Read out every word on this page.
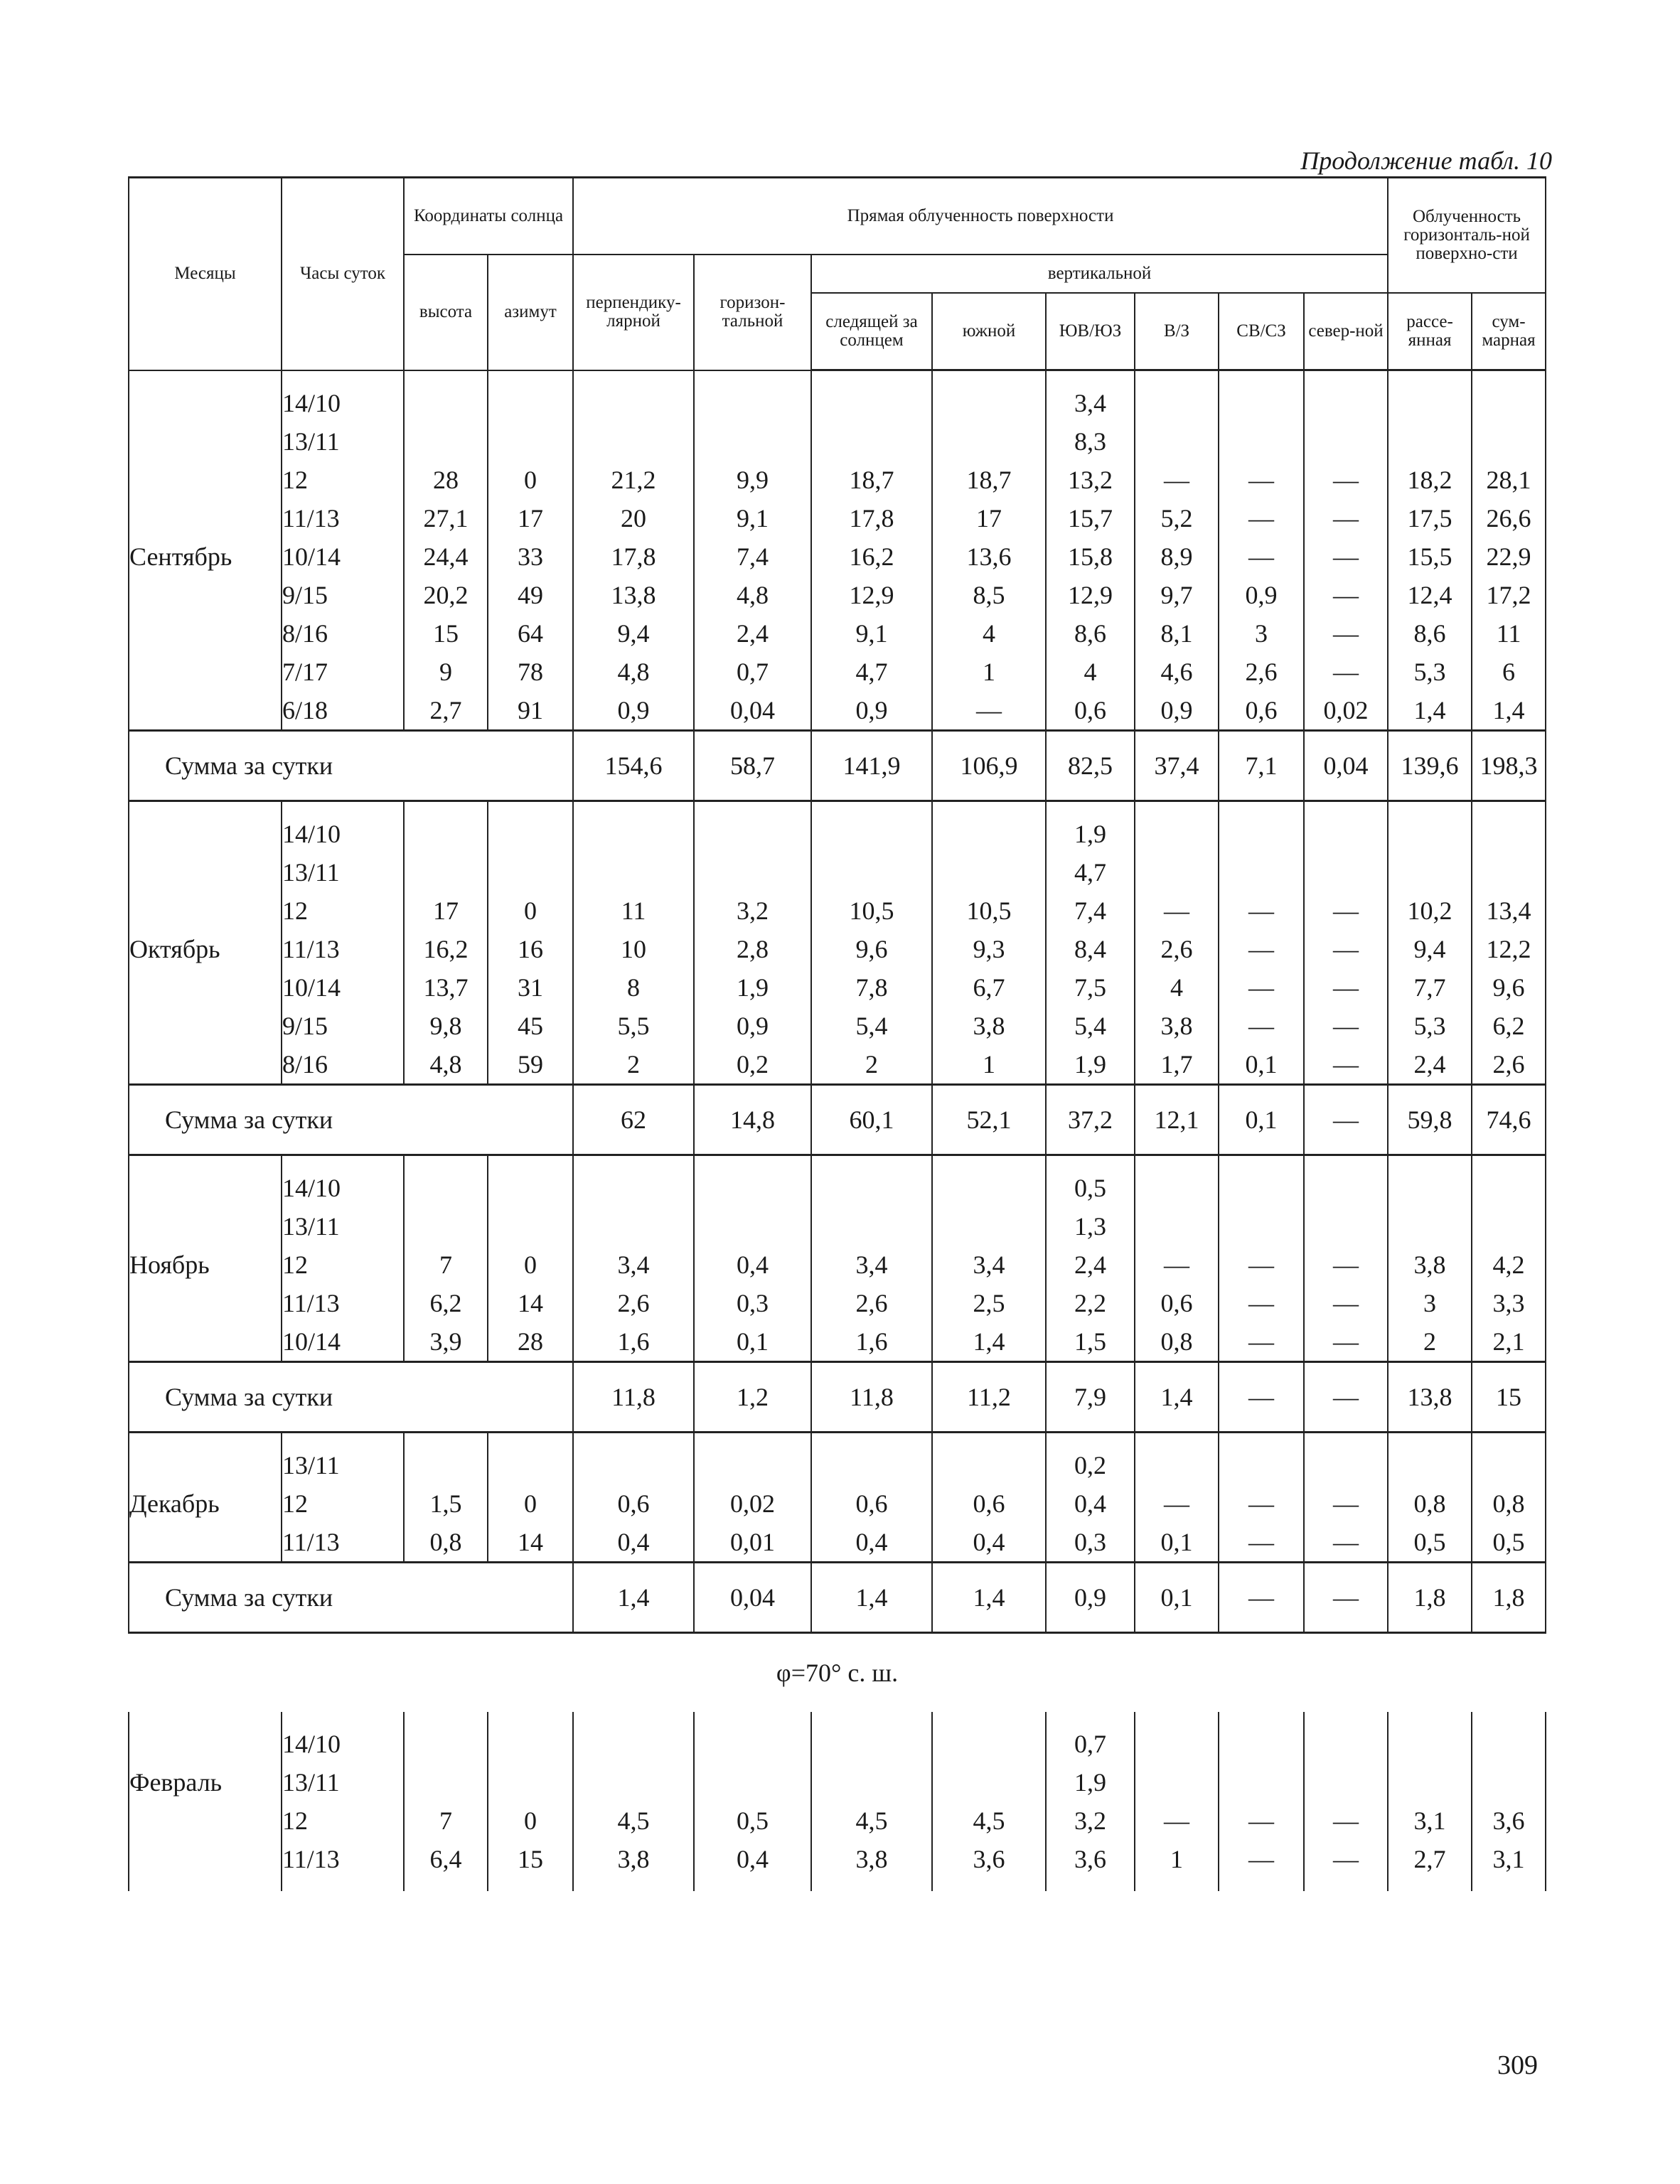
Продолжение табл. 10
Месяцы	Часы суток	Координаты солнца		Прямая облученность поверхности								Облученность горизонталь-ной поверхно-сти	
		высота	азимут	перпендику-лярной	горизон-тальной	вертикальной							
						следящей за солнцем	южной	ЮВ/ЮЗ	В/З	СВ/СЗ	север-ной	рассе-янная	сум-марная

	14/10							3,4					
	13/11							8,3					
	12	28	0	21,2	9,9	18,7	18,7	13,2	—	—	—	18,2	28,1
	11/13	27,1	17	20	9,1	17,8	17	15,7	5,2	—	—	17,5	26,6
Сентябрь	10/14	24,4	33	17,8	7,4	16,2	13,6	15,8	8,9	—	—	15,5	22,9
	9/15	20,2	49	13,8	4,8	12,9	8,5	12,9	9,7	0,9	—	12,4	17,2
	8/16	15	64	9,4	2,4	9,1	4	8,6	8,1	3	—	8,6	11
	7/17	9	78	4,8	0,7	4,7	1	4	4,6	2,6	—	5,3	6
	6/18	2,7	91	0,9	0,04	0,9	—	0,6	0,9	0,6	0,02	1,4	1,4
Сумма за сутки				154,6	58,7	141,9	106,9	82,5	37,4	7,1	0,04	139,6	198,3

	14/10							1,9					
	13/11							4,7					
	12	17	0	11	3,2	10,5	10,5	7,4	—	—	—	10,2	13,4
Октябрь	11/13	16,2	16	10	2,8	9,6	9,3	8,4	2,6	—	—	9,4	12,2
	10/14	13,7	31	8	1,9	7,8	6,7	7,5	4	—	—	7,7	9,6
	9/15	9,8	45	5,5	0,9	5,4	3,8	5,4	3,8	—	—	5,3	6,2
	8/16	4,8	59	2	0,2	2	1	1,9	1,7	0,1	—	2,4	2,6
Сумма за сутки				62	14,8	60,1	52,1	37,2	12,1	0,1	—	59,8	74,6

	14/10							0,5					
	13/11							1,3					
Ноябрь	12	7	0	3,4	0,4	3,4	3,4	2,4	—	—	—	3,8	4,2
	11/13	6,2	14	2,6	0,3	2,6	2,5	2,2	0,6	—	—	3	3,3
	10/14	3,9	28	1,6	0,1	1,6	1,4	1,5	0,8	—	—	2	2,1
Сумма за сутки				11,8	1,2	11,8	11,2	7,9	1,4	—	—	13,8	15

	13/11							0,2					
Декабрь	12	1,5	0	0,6	0,02	0,6	0,6	0,4	—	—	—	0,8	0,8
	11/13	0,8	14	0,4	0,01	0,4	0,4	0,3	0,1	—	—	0,5	0,5
Сумма за сутки				1,4	0,04	1,4	1,4	0,9	0,1	—	—	1,8	1,8
φ=70° с. ш.													

	14/10							0,7					
Февраль	13/11							1,9					
	12	7	0	4,5	0,5	4,5	4,5	3,2	—	—	—	3,1	3,6
	11/13	6,4	15	3,8	0,4	3,8	3,6	3,6	1	—	—	2,7	3,1

309
